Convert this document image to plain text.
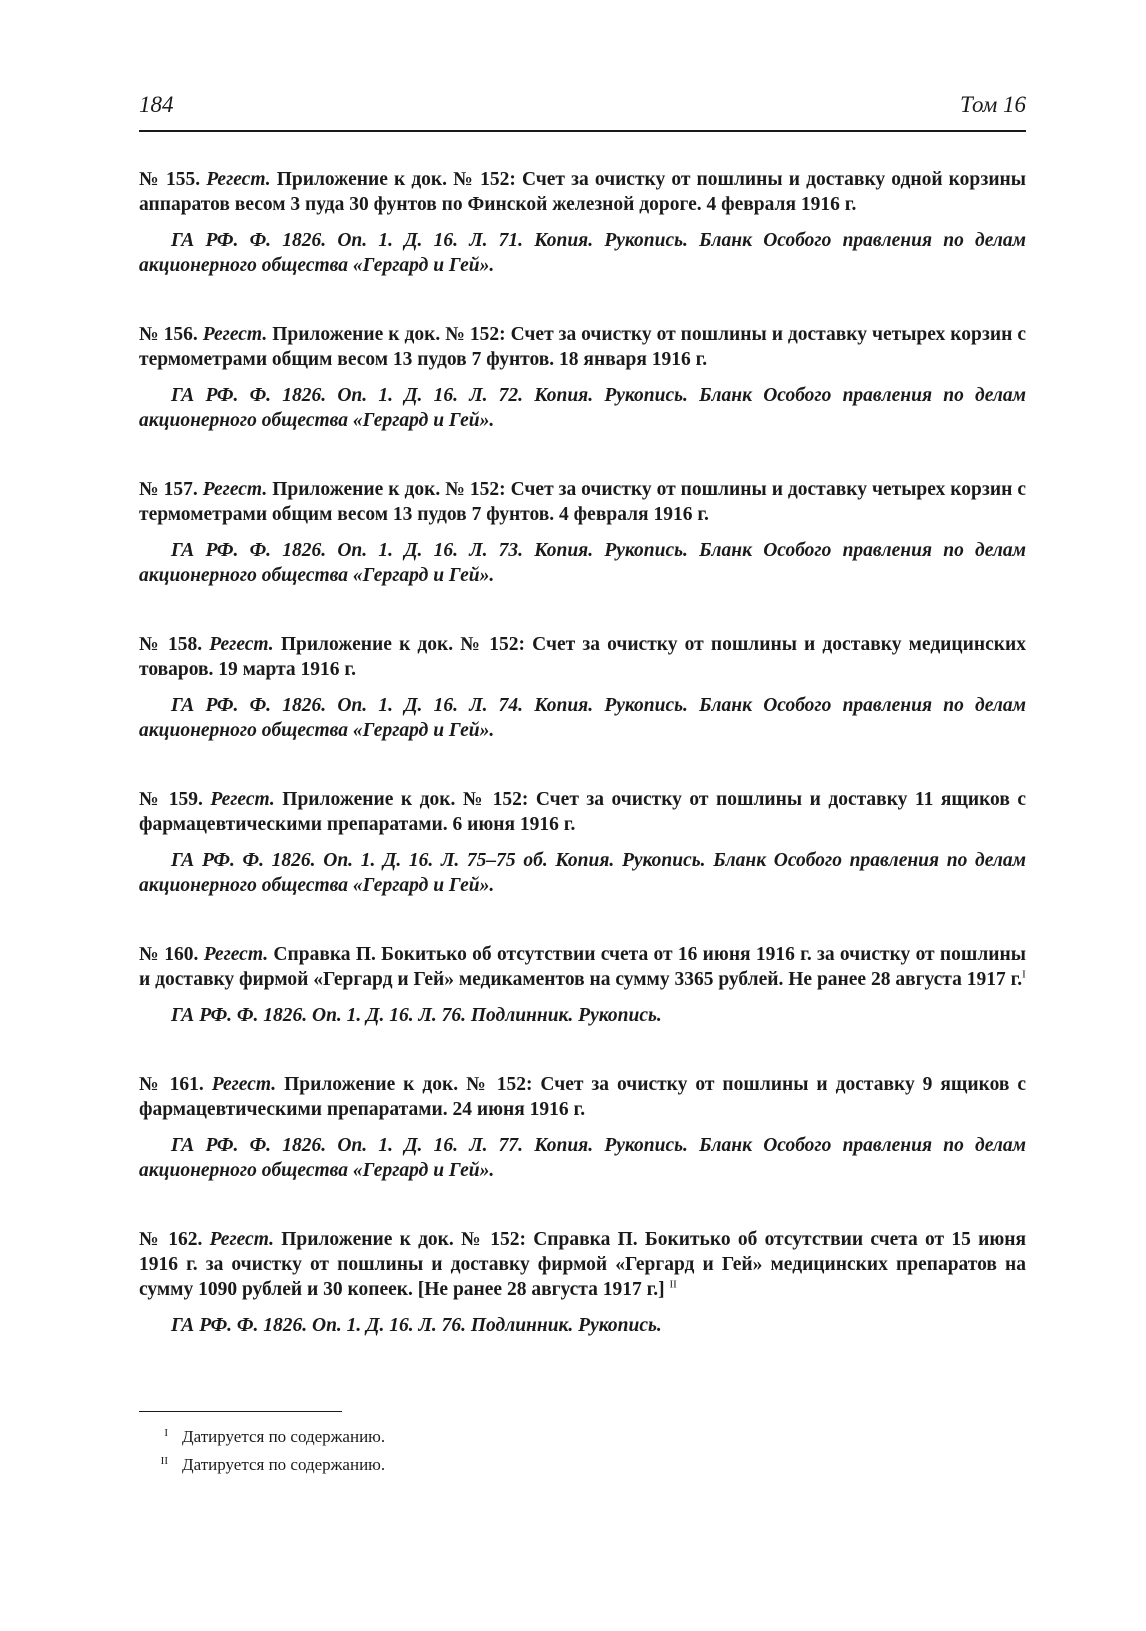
184	Том 16

№ 155. Регест. Приложение к док. № 152: Счет за очистку от пошлины и доставку одной корзины аппаратов весом 3 пуда 30 фунтов по Финской железной дороге. 4 февраля 1916 г.

ГА РФ. Ф. 1826. Оп. 1. Д. 16. Л. 71. Копия. Рукопись. Бланк Особого правления по делам акционерного общества «Гергард и Гей».

№ 156. Регест. Приложение к док. № 152: Счет за очистку от пошлины и доставку четырех корзин с термометрами общим весом 13 пудов 7 фунтов. 18 января 1916 г.

ГА РФ. Ф. 1826. Оп. 1. Д. 16. Л. 72. Копия. Рукопись. Бланк Особого правления по делам акционерного общества «Гергард и Гей».

№ 157. Регест. Приложение к док. № 152: Счет за очистку от пошлины и доставку четырех корзин с термометрами общим весом 13 пудов 7 фунтов. 4 февраля 1916 г.

ГА РФ. Ф. 1826. Оп. 1. Д. 16. Л. 73. Копия. Рукопись. Бланк Особого правления по делам акционерного общества «Гергард и Гей».

№ 158. Регест. Приложение к док. № 152: Счет за очистку от пошлины и доставку медицинских товаров. 19 марта 1916 г.

ГА РФ. Ф. 1826. Оп. 1. Д. 16. Л. 74. Копия. Рукопись. Бланк Особого правления по делам акционерного общества «Гергард и Гей».

№ 159. Регест. Приложение к док. № 152: Счет за очистку от пошлины и доставку 11 ящиков с фармацевтическими препаратами. 6 июня 1916 г.

ГА РФ. Ф. 1826. Оп. 1. Д. 16. Л. 75–75 об. Копия. Рукопись. Бланк Особого правления по делам акционерного общества «Гергард и Гей».

№ 160. Регест. Справка П. Бокитько об отсутствии счета от 16 июня 1916 г. за очистку от пошлины и доставку фирмой «Гергард и Гей» медикаментов на сумму 3365 рублей. Не ранее 28 августа 1917 г.$^I$

ГА РФ. Ф. 1826. Оп. 1. Д. 16. Л. 76. Подлинник. Рукопись.

№ 161. Регест. Приложение к док. № 152: Счет за очистку от пошлины и доставку 9 ящиков с фармацевтическими препаратами. 24 июня 1916 г.

ГА РФ. Ф. 1826. Оп. 1. Д. 16. Л. 77. Копия. Рукопись. Бланк Особого правления по делам акционерного общества «Гергард и Гей».

№ 162. Регест. Приложение к док. № 152: Справка П. Бокитько об отсутствии счета от 15 июня 1916 г. за очистку от пошлины и доставку фирмой «Гергард и Гей» медицинских препаратов на сумму 1090 рублей и 30 копеек. [Не ранее 28 августа 1917 г.] $^{II}$

ГА РФ. Ф. 1826. Оп. 1. Д. 16. Л. 76. Подлинник. Рукопись.

I Датируется по содержанию.
II Датируется по содержанию.
